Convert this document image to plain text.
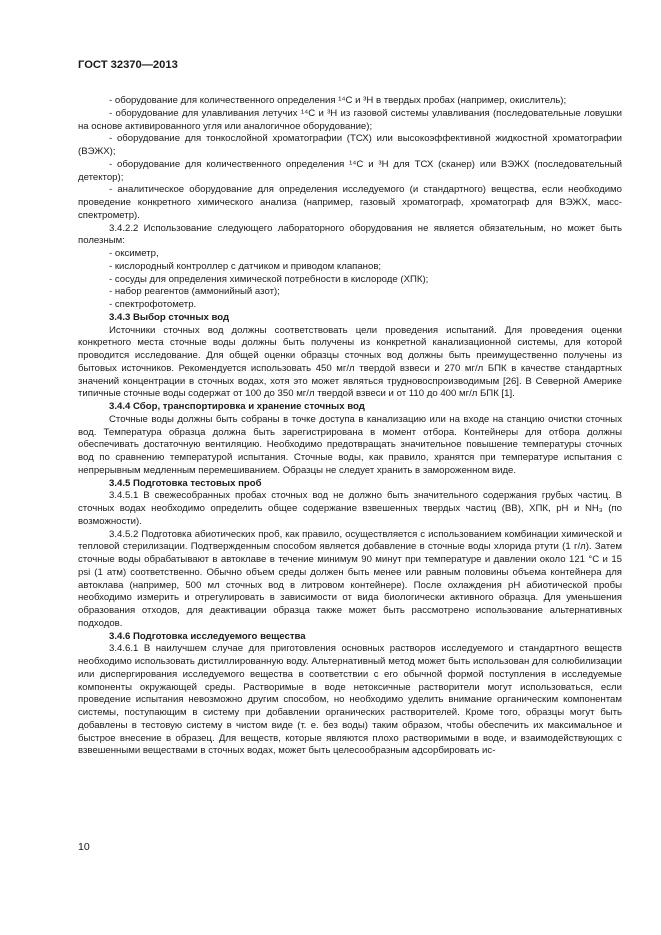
ГОСТ 32370—2013

- оборудование для количественного определения ¹⁴C и ³H в твердых пробах (например, окислитель);

- оборудование для улавливания летучих ¹⁴C и ³H из газовой системы улавливания (последовательные ловушки на основе активированного угля или аналогичное оборудование);

- оборудование для тонкослойной хроматографии (ТСХ) или высокоэффективной жидкостной хроматографии (ВЭЖХ);

- оборудование для количественного определения ¹⁴C и ³H для ТСХ (сканер) или ВЭЖХ (последовательный детектор);

- аналитическое оборудование для определения исследуемого (и стандартного) вещества, если необходимо проведение конкретного химического анализа (например, газовый хроматограф, хроматограф для ВЭЖХ, масс-спектрометр).

3.4.2.2 Использование следующего лабораторного оборудования не является обязательным, но может быть полезным:

- оксиметр,

- кислородный контроллер с датчиком и приводом клапанов;

- сосуды для определения химической потребности в кислороде (ХПК);

- набор реагентов (аммонийный азот);

- спектрофотометр.

3.4.3 Выбор сточных вод

Источники сточных вод должны соответствовать цели проведения испытаний. Для проведения оценки конкретного места сточные воды должны быть получены из конкретной канализационной системы, для которой проводится исследование. Для общей оценки образцы сточных вод должны быть преимущественно получены из бытовых источников. Рекомендуется использовать 450 мг/л твердой взвеси и 270 мг/л БПК в качестве стандартных значений концентрации в сточных водах, хотя это может являться трудновоспроизводимым [26]. В Северной Америке типичные сточные воды содержат от 100 до 350 мг/л твердой взвеси и от 110 до 400 мг/л БПК [1].

3.4.4 Сбор, транспортировка и хранение сточных вод

Сточные воды должны быть собраны в точке доступа в канализацию или на входе на станцию очистки сточных вод. Температура образца должна быть зарегистрирована в момент отбора. Контейнеры для отбора должны обеспечивать достаточную вентиляцию. Необходимо предотвращать значительное повышение температуры сточных вод по сравнению температурой испытания. Сточные воды, как правило, хранятся при температуре испытания с непрерывным медленным перемешиванием. Образцы не следует хранить в замороженном виде.

3.4.5 Подготовка тестовых проб

3.4.5.1 В свежесобранных пробах сточных вод не должно быть значительного содержания грубых частиц. В сточных водах необходимо определить общее содержание взвешенных твердых частиц (ВВ), ХПК, pH и NH₃ (по возможности).

3.4.5.2 Подготовка абиотических проб, как правило, осуществляется с использованием комбинации химической и тепловой стерилизации. Подтвержденным способом является добавление в сточные воды хлорида ртути (1 г/л). Затем сточные воды обрабатывают в автоклаве в течение минимум 90 минут при температуре и давлении около 121 °С и 15 psi (1 атм) соответственно. Обычно объем среды должен быть менее или равным половины объема контейнера для автоклава (например, 500 мл сточных вод в литровом контейнере). После охлаждения pH абиотической пробы необходимо измерить и отрегулировать в зависимости от вида биологически активного образца. Для уменьшения образования отходов, для деактивации образца также может быть рассмотрено использование альтернативных подходов.

3.4.6 Подготовка исследуемого вещества

3.4.6.1 В наилучшем случае для приготовления основных растворов исследуемого и стандартного веществ необходимо использовать дистиллированную воду. Альтернативный метод может быть использован для солюбилизации или диспергирования исследуемого вещества в соответствии с его обычной формой поступления в исследуемые компоненты окружающей среды. Растворимые в воде нетоксичные растворители могут использоваться, если проведение испытания невозможно другим способом, но необходимо уделить внимание органическим компонентам системы, поступающим в систему при добавлении органических растворителей. Кроме того, образцы могут быть добавлены в тестовую систему в чистом виде (т. е. без воды) таким образом, чтобы обеспечить их максимальное и быстрое внесение в образец. Для веществ, которые являются плохо растворимыми в воде, и взаимодействующих с взвешенными веществами в сточных водах, может быть целесообразным адсорбировать ис-

10
